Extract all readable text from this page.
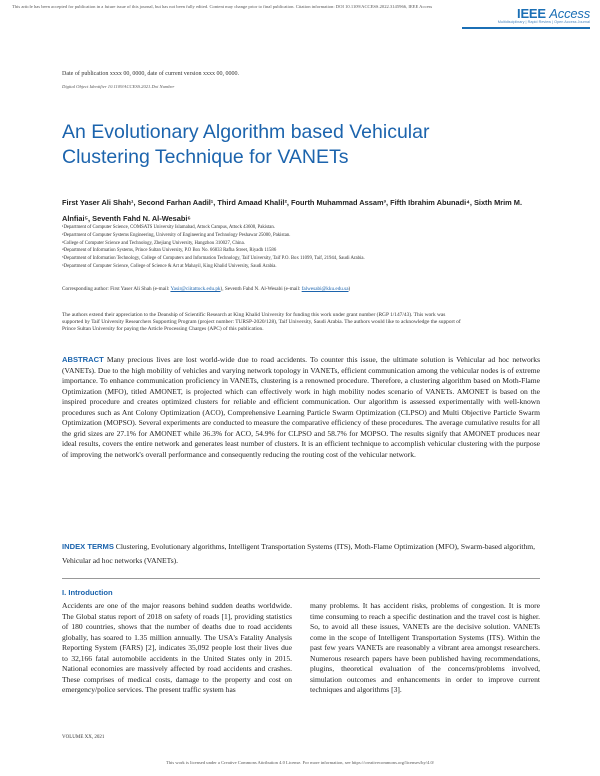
This article has been accepted for publication in a future issue of this journal, but has not been fully edited. Content may change prior to final publication. Citation information: DOI 10.1109/ACCESS.2022.3145966, IEEE Access	IEEE Access
Multidisciplinary | Rapid Review | Open Access Journal
Date of publication xxxx 00, 0000, date of current version xxxx 00, 0000.
Digital Object Identifier 10.1109/ACCESS.2021.Doi Number
An Evolutionary Algorithm based Vehicular Clustering Technique for VANETs
First Yaser Ali Shah¹, Second Farhan Aadil¹, Third Amaad Khalil², Fourth Muhammad Assam³, Fifth Ibrahim Abunadi⁴, Sixth Mrim M. Alnfiai⁵, Seventh Fahd N. Al-Wesabi⁶
¹Department of Computer Science, COMSATS University Islamabad, Attock Campus, Attock 43600, Pakistan.
²Department of Computer Systems Engineering, University of Engineering and Technology Peshawar 25000, Pakistan.
³College of Computer Science and Technology, Zhejiang University, Hangzhou 310027, China.
⁴Department of Information Systems, Prince Sultan University, P.O Box No. 66833 Rafha Street, Riyadh 11586
⁵Department of Information Technology, College of Computers and Information Technology, Taif University, Taif P.O. Box 11099, Taif, 21944, Saudi Arabia.
⁶Department of Computer Science, College of Science & Art at Mahayil, King Khalid University, Saudi Arabia.
Corresponding author: First Yaser Ali Shah (e-mail: Yasir@ciitattock.edu.pk), Seventh Fahd N. Al-Wesabi (e-mail: falwesabi@kku.edu.sa)
The authors extend their appreciation to the Deanship of Scientific Research at King Khalid University for funding this work under grant number (RGP 1/147/43). This work was supported by Taif University Researchers Supporting Program (project number: TURSP-2020/128), Taif University, Saudi Arabia. The authors would like to acknowledge the support of Prince Sultan University for paying the Article Processing Charges (APC) of this publication.

ABSTRACT Many precious lives are lost world-wide due to road accidents. To counter this issue, the ultimate solution is Vehicular ad hoc networks (VANETs). Due to the high mobility of vehicles and varying network topology in VANETs, efficient communication among the vehicular nodes is of extreme importance. To enhance communication proficiency in VANETs, clustering is a renowned procedure. Therefore, a clustering algorithm based on Moth-Flame Optimization (MFO), titled AMONET, is projected which can effectively work in high mobility nodes scenario of VANETs. AMONET is based on the inspired procedure and creates optimized clusters for reliable and efficient communication. Our algorithm is assessed experimentally with well-known procedures such as Ant Colony Optimization (ACO), Comprehensive Learning Particle Swarm Optimization (CLPSO) and Multi Objective Particle Swarm Optimization (MOPSO). Several experiments are conducted to measure the comparative efficiency of these procedures. The average cumulative results for all the grid sizes are 27.1% for AMONET while 36.3% for ACO, 54.9% for CLPSO and 58.7% for MOPSO. The results signify that AMONET produces near ideal results, covers the entire network and generates least number of clusters. It is an efficient technique to accomplish vehicular clustering with the purpose of improving the network's overall performance and consequently reducing the routing cost of the vehicular network.

INDEX TERMS Clustering, Evolutionary algorithms, Intelligent Transportation Systems (ITS), Moth-Flame Optimization (MFO), Swarm-based algorithm, Vehicular ad hoc networks (VANETs).

I. Introduction

Accidents are one of the major reasons behind sudden deaths worldwide. The Global status report of 2018 on safety of roads [1], providing statistics of 180 countries, shows that the number of deaths due to road accidents globally, has soared to 1.35 million annually. The USA's Fatality Analysis Reporting System (FARS) [2], indicates 35,092 people lost their lives due to 32,166 fatal automobile accidents in the United States only in 2015. National economies are massively affected by road accidents and crashes. These comprises of medical costs, damage to the property and cost on emergency/police services. The present traffic system has

many problems. It has accident risks, problems of congestion. It is more time consuming to reach a specific destination and the travel cost is higher. So, to avoid all these issues, VANETs are the decisive solution. VANETs come in the scope of Intelligent Transportation Systems (ITS). Within the past few years VANETs are reasonably a vibrant area amongst researchers. Numerous research papers have been published having recommendations, plugins, theoretical evaluation of the concerns/problems involved, simulation outcomes and enhancements in order to improve current techniques and algorithms [3].

VOLUME XX, 2021
This work is licensed under a Creative Commons Attribution 4.0 License. For more information, see https://creativecommons.org/licenses/by/4.0/
